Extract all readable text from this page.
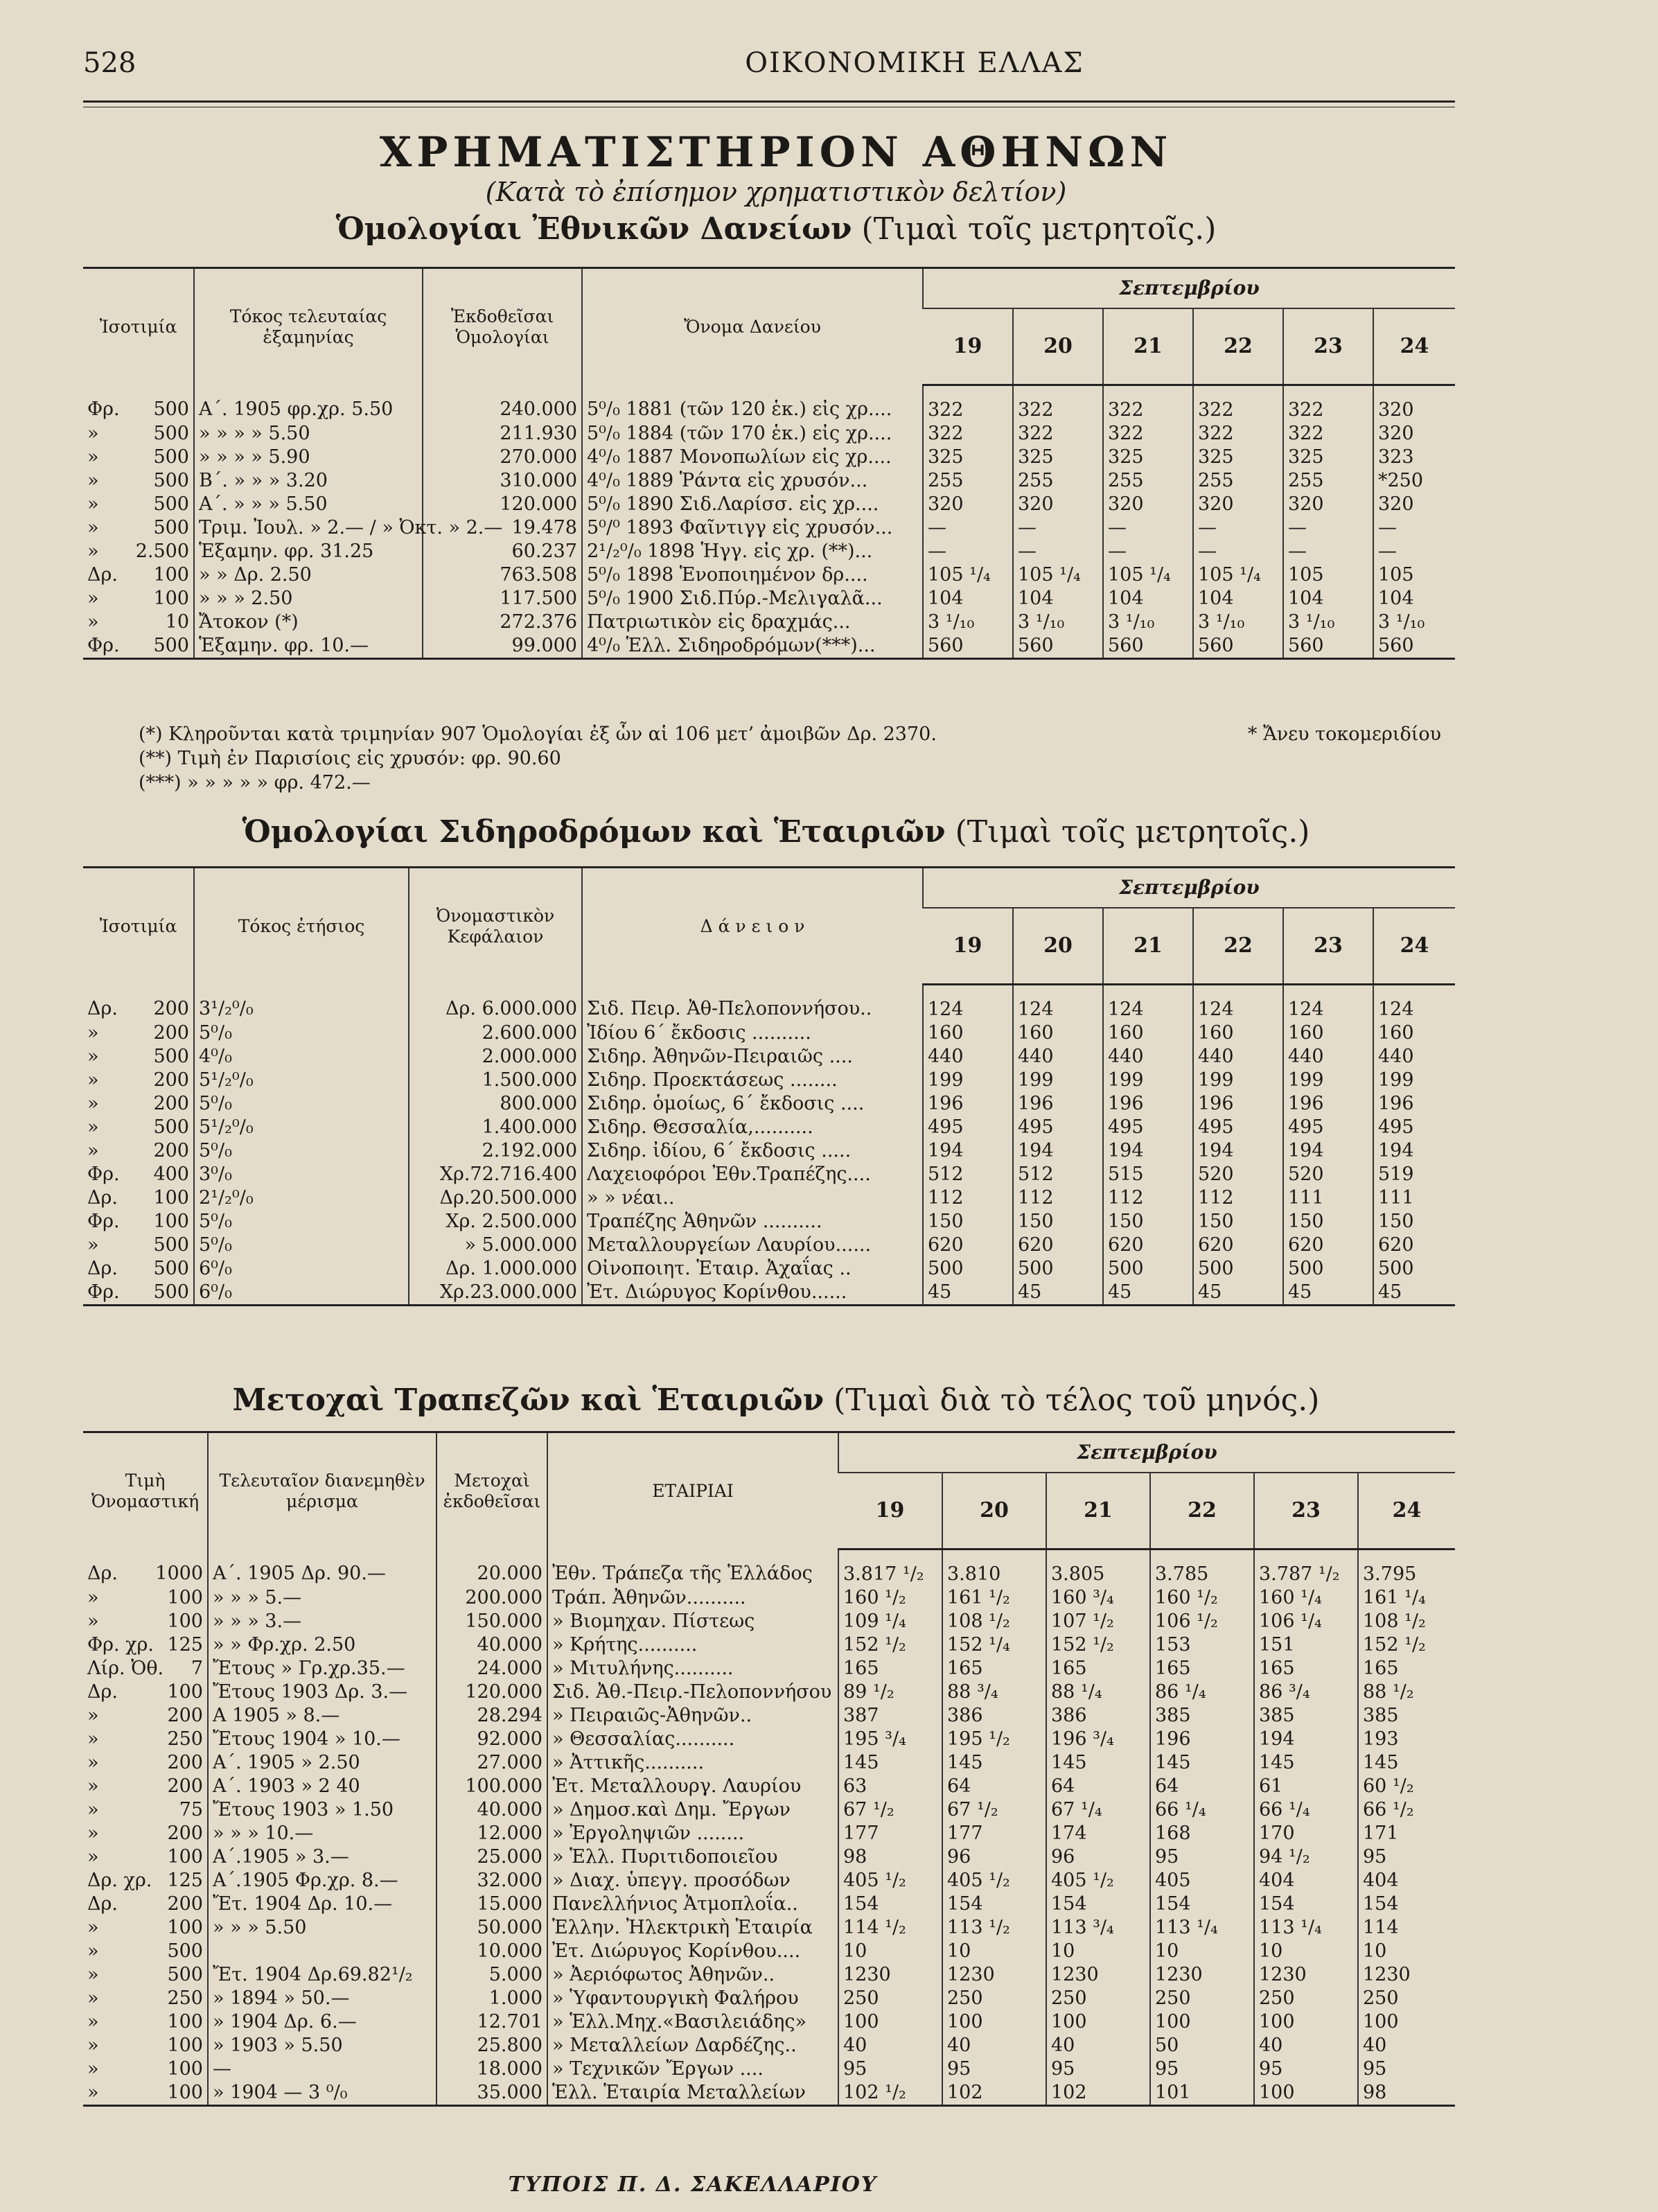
528	ΟΙΚΟΝΟΜΙΚΗ ΕΛΛΑΣ
ΧΡΗΜΑΤΙΣΤΗΡΙΟΝ ΑΘΗΝΩΝ
(Κατὰ τὸ ἐπίσημον χρηματιστικὸν δελτίον)
Ὁμολογίαι Ἐθνικῶν Δανείων (Τιμαὶ τοῖς μετρητοῖς.)
Ἰσοτιμία	Τόκος τελευταίας ἑξαμηνίας	Ἐκδοθεῖσαι Ὁμολογίαι	Ὄνομα Δανείου	Σεπτεμβρίου					
				19	20	21	22	23	24

Φρ. 500	Α΄. 1905 φρ.χρ. 5.50	240.000	5⁰/₀ 1881 (τῶν 120 ἑκ.) εἰς χρ....	322	322	322	322	322	320

» 500	» » » » 5.50	211.930	5⁰/₀ 1884 (τῶν 170 ἑκ.) εἰς χρ....	322	322	322	322	322	320

» 500	» » » » 5.90	270.000	4⁰/₀ 1887 Μονοπωλίων εἰς χρ....	325	325	325	325	325	323

» 500	Β΄. » » » 3.20	310.000	4⁰/₀ 1889 Ῥάντα εἰς χρυσόν...	255	255	255	255	255	*250

» 500	Α΄. » » » 5.50	120.000	5⁰/₀ 1890 Σιδ.Λαρίσσ. εἰς χρ....	320	320	320	320	320	320

» 500	Τριμ. Ἰουλ. » 2.— / » Ὀκτ. » 2.—	19.478	5⁰/⁰ 1893 Φαῖντιγγ εἰς χρυσόν...	—	—	—	—	—	—

» 2.500	Ἑξαμην. φρ. 31.25	60.237	2¹/₂⁰/₀ 1898 Ἡγγ. εἰς χρ. (**)...	—	—	—	—	—	—

Δρ. 100	» » Δρ. 2.50	763.508	5⁰/₀ 1898 Ἑνοποιημένον δρ....	105 ¹/₄	105 ¹/₄	105 ¹/₄	105 ¹/₄	105	105

» 100	» » » 2.50	117.500	5⁰/₀ 1900 Σιδ.Πύρ.-Μελιγαλᾶ...	104	104	104	104	104	104

» 10	Ἄτοκον (*)	272.376	Πατριωτικὸν εἰς δραχμάς...	3 ¹/₁₀	3 ¹/₁₀	3 ¹/₁₀	3 ¹/₁₀	3 ¹/₁₀	3 ¹/₁₀

Φρ. 500	Ἑξαμην. φρ. 10.—	99.000	4⁰/₀ Ἑλλ. Σιδηροδρόμων(***)...	560	560	560	560	560	560
(*) Κληροῦνται κατὰ τριμηνίαν 907 Ὁμολογίαι ἐξ ὧν αἱ 106 μετ’ ἀμοιβῶν Δρ. 2370.
(**) Τιμὴ ἐν Παρισίοις εἰς χρυσόν: φρ. 90.60
(***) » » » » » φρ. 472.—
* Ἄνευ τοκομεριδίου
Ὁμολογίαι Σιδηροδρόμων καὶ Ἑταιριῶν (Τιμαὶ τοῖς μετρητοῖς.)
Ἰσοτιμία	Τόκος ἐτήσιος	Ὀνομαστικὸν Κεφάλαιον	Δ ά ν ε ι ο ν	Σεπτεμβρίου					
				19	20	21	22	23	24

Δρ. 200	3¹/₂⁰/₀	Δρ. 6.000.000	Σιδ. Πειρ. Ἀθ-Πελοποννήσου..	124	124	124	124	124	124

» 200	5⁰/₀	2.600.000	Ἰδίου 6΄ ἔκδοσις ..........	160	160	160	160	160	160

» 500	4⁰/₀	2.000.000	Σιδηρ. Ἀθηνῶν-Πειραιῶς ....	440	440	440	440	440	440

» 200	5¹/₂⁰/₀	1.500.000	Σιδηρ. Προεκτάσεως ........	199	199	199	199	199	199

» 200	5⁰/₀	800.000	Σιδηρ. ὁμοίως, 6΄ ἔκδοσις ....	196	196	196	196	196	196

» 500	5¹/₂⁰/₀	1.400.000	Σιδηρ. Θεσσαλία,..........	495	495	495	495	495	495

» 200	5⁰/₀	2.192.000	Σιδηρ. ἰδίου, 6΄ ἔκδοσις .....	194	194	194	194	194	194

Φρ. 400	3⁰/₀	Χρ.72.716.400	Λαχειοφόροι Ἐθν.Τραπέζης....	512	512	515	520	520	519

Δρ. 100	2¹/₂⁰/₀	Δρ.20.500.000	» » νέαι..	112	112	112	112	111	111

Φρ. 100	5⁰/₀	Χρ. 2.500.000	Τραπέζης Ἀθηνῶν ..........	150	150	150	150	150	150

» 500	5⁰/₀	» 5.000.000	Μεταλλουργείων Λαυρίου......	620	620	620	620	620	620

Δρ. 500	6⁰/₀	Δρ. 1.000.000	Οἰνοποιητ. Ἑταιρ. Ἀχαΐας ..	500	500	500	500	500	500

Φρ. 500	6⁰/₀	Χρ.23.000.000	Ἐτ. Διώρυγος Κορίνθου......	45	45	45	45	45	45
Μετοχαὶ Τραπεζῶν καὶ Ἑταιριῶν (Τιμαὶ διὰ τὸ τέλος τοῦ μηνός.)
Τιμὴ Ὀνομαστική	Τελευταῖον διανεμηθὲν μέρισμα	Μετοχαὶ ἐκδοθεῖσαι	ΕΤΑΙΡΙΑΙ	Σεπτεμβρίου					
				19	20	21	22	23	24

Δρ. 1000	Α΄. 1905 Δρ. 90.—	20.000	Ἐθν. Τράπεζα τῆς Ἑλλάδος	3.817 ¹/₂	3.810	3.805	3.785	3.787 ¹/₂	3.795

» 100	» » » 5.—	200.000	Τράπ. Ἀθηνῶν..........	160 ¹/₂	161 ¹/₂	160 ³/₄	160 ¹/₂	160 ¹/₄	161 ¹/₄

» 100	» » » 3.—	150.000	» Βιομηχαν. Πίστεως	109 ¹/₄	108 ¹/₂	107 ¹/₂	106 ¹/₂	106 ¹/₄	108 ¹/₂

Φρ. χρ. 125	» » Φρ.χρ. 2.50	40.000	» Κρήτης..........	152 ¹/₂	152 ¹/₄	152 ¹/₂	153	151	152 ¹/₂

Λίρ. Ὀθ. 7	Ἔτους » Γρ.χρ.35.—	24.000	» Μιτυλήνης..........	165	165	165	165	165	165

Δρ. 100	Ἔτους 1903 Δρ. 3.—	120.000	Σιδ. Ἀθ.-Πειρ.-Πελοποννήσου	89 ¹/₂	88 ³/₄	88 ¹/₄	86 ¹/₄	86 ³/₄	88 ¹/₂

» 200	Α 1905 » 8.—	28.294	» Πειραιῶς-Ἀθηνῶν..	387	386	386	385	385	385

» 250	Ἔτους 1904 » 10.—	92.000	» Θεσσαλίας..........	195 ³/₄	195 ¹/₂	196 ³/₄	196	194	193

» 200	Α΄. 1905 » 2.50	27.000	» Ἀττικῆς..........	145	145	145	145	145	145

» 200	Α΄. 1903 » 2 40	100.000	Ἐτ. Μεταλλουργ. Λαυρίου	63	64	64	64	61	60 ¹/₂

» 75	Ἔτους 1903 » 1.50	40.000	» Δημοσ.καὶ Δημ. Ἔργων	67 ¹/₂	67 ¹/₂	67 ¹/₄	66 ¹/₄	66 ¹/₄	66 ¹/₂

» 200	» » » 10.—	12.000	» Ἐργοληψιῶν ........	177	177	174	168	170	171

» 100	Α΄.1905 » 3.—	25.000	» Ἑλλ. Πυριτιδοποιεῖου	98	96	96	95	94 ¹/₂	95

Δρ. χρ. 125	Α΄.1905 Φρ.χρ. 8.—	32.000	» Διαχ. ὑπεγγ. προσόδων	405 ¹/₂	405 ¹/₂	405 ¹/₂	405	404	404

Δρ. 200	Ἔτ. 1904 Δρ. 10.—	15.000	Πανελλήνιος Ἀτμοπλοΐα..	154	154	154	154	154	154

» 100	» » » 5.50	50.000	Ἑλλην. Ἠλεκτρικὴ Ἑταιρία	114 ¹/₂	113 ¹/₂	113 ³/₄	113 ¹/₄	113 ¹/₄	114

» 500		10.000	Ἐτ. Διώρυγος Κορίνθου....	10	10	10	10	10	10

» 500	Ἔτ. 1904 Δρ.69.82¹/₂	5.000	» Ἀεριόφωτος Ἀθηνῶν..	1230	1230	1230	1230	1230	1230

» 250	» 1894 » 50.—	1.000	» Ὑφαντουργικὴ Φαλήρου	250	250	250	250	250	250

» 100	» 1904 Δρ. 6.—	12.701	» Ἑλλ.Μηχ.«Βασιλειάδης»	100	100	100	100	100	100

» 100	» 1903 » 5.50	25.800	» Μεταλλείων Δαρδέζης..	40	40	40	50	40	40

» 100	—	18.000	» Τεχνικῶν Ἔργων ....	95	95	95	95	95	95

» 100	» 1904 — 3 ⁰/₀	35.000	Ἑλλ. Ἑταιρία Μεταλλείων	102 ¹/₂	102	102	101	100	98
ΤΥΠΟΙΣ Π. Δ. ΣΑΚΕΛΛΑΡΙΟΥ
